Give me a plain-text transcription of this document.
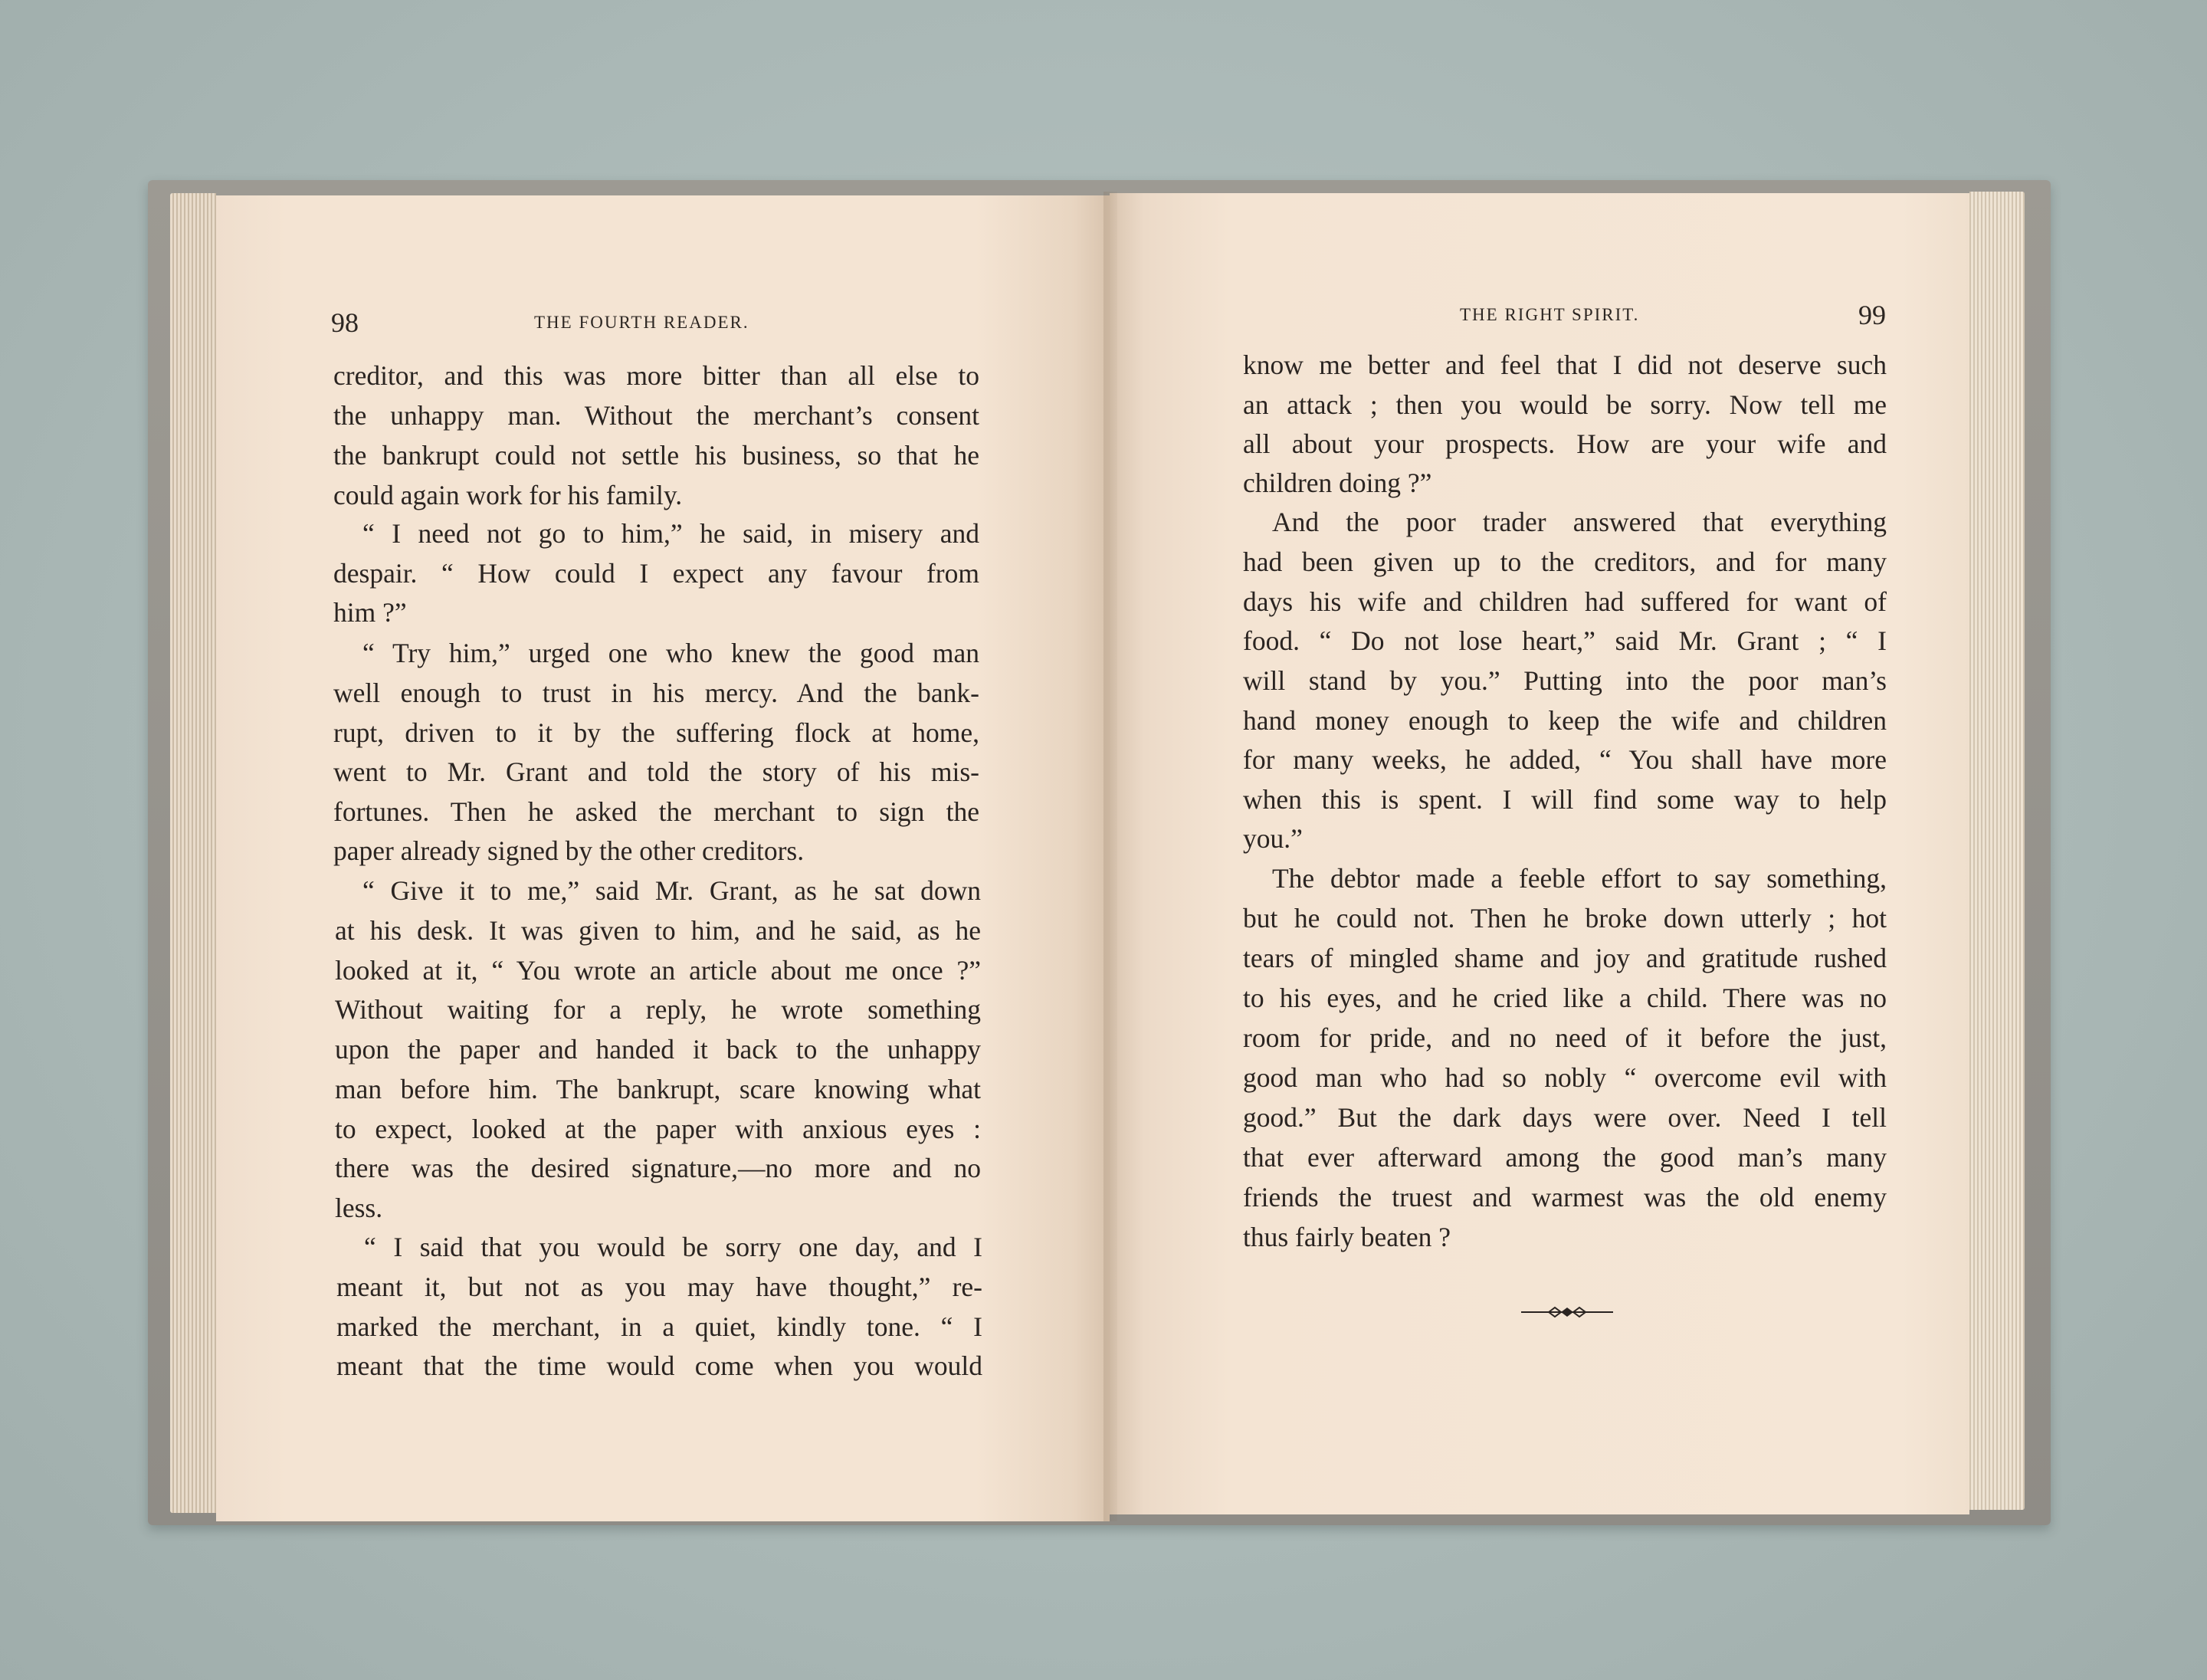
98	THE FOURTH READER.	THE RIGHT SPIRIT.	99
creditor, and this was more bitter than all else to
the unhappy man. Without the merchant’s consent
the bankrupt could not settle his business, so that he
could again work for his family.
“ I need not go to him,” he said, in misery and
despair. “ How could I expect any favour from
him ?”
“ Try him,” urged one who knew the good man
well enough to trust in his mercy. And the bank-
rupt, driven to it by the suffering flock at home,
went to Mr. Grant and told the story of his mis-
fortunes. Then he asked the merchant to sign the
paper already signed by the other creditors.
“ Give it to me,” said Mr. Grant, as he sat down
at his desk. It was given to him, and he said, as he
looked at it, “ You wrote an article about me once ?”
Without waiting for a reply, he wrote something
upon the paper and handed it back to the unhappy
man before him. The bankrupt, scare knowing what
to expect, looked at the paper with anxious eyes :
there was the desired signature,—no more and no
less.
“ I said that you would be sorry one day, and I
meant it, but not as you may have thought,” re-
marked the merchant, in a quiet, kindly tone. “ I
meant that the time would come when you would
know me better and feel that I did not deserve such
an attack ; then you would be sorry. Now tell me
all about your prospects. How are your wife and
children doing ?”
And the poor trader answered that everything
had been given up to the creditors, and for many
days his wife and children had suffered for want of
food. “ Do not lose heart,” said Mr. Grant ; “ I
will stand by you.” Putting into the poor man’s
hand money enough to keep the wife and children
for many weeks, he added, “ You shall have more
when this is spent. I will find some way to help
you.”
The debtor made a feeble effort to say something,
but he could not. Then he broke down utterly ; hot
tears of mingled shame and joy and gratitude rushed
to his eyes, and he cried like a child. There was no
room for pride, and no need of it before the just,
good man who had so nobly “ overcome evil with
good.” But the dark days were over. Need I tell
that ever afterward among the good man’s many
friends the truest and warmest was the old enemy
thus fairly beaten ?
